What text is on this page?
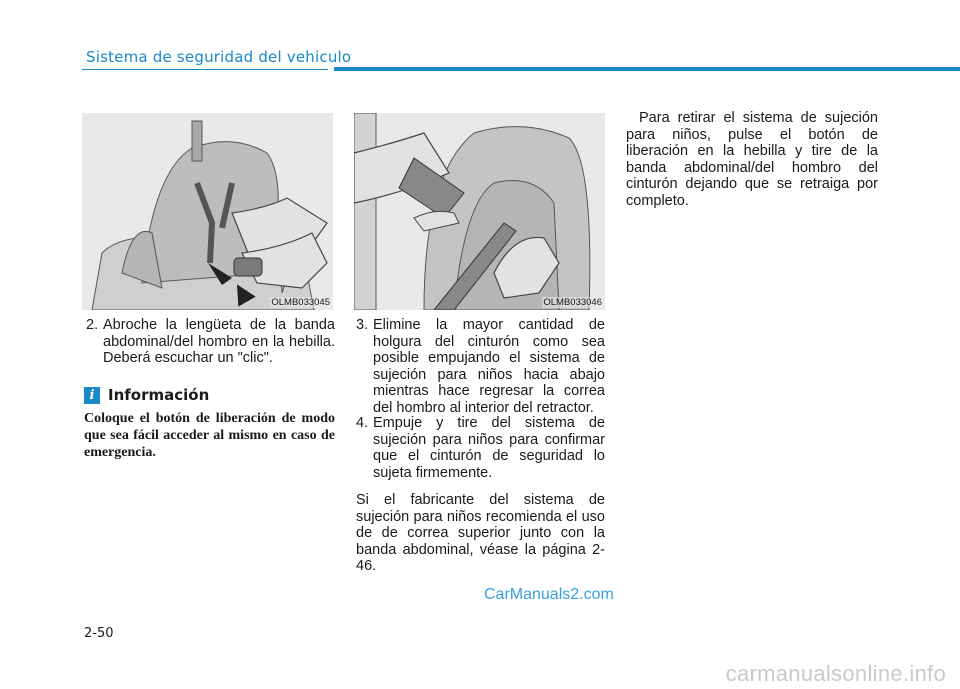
Sistema de seguridad del vehiculo
OLMB033045	OLMB033046
2. Abroche la lengüeta de la banda abdominal/del hombro en la hebilla. Deberá escuchar un "clic".
i Información
Coloque el botón de liberación de modo que sea fácil acceder al mismo en caso de emergencia.
3. Elimine la mayor cantidad de holgura del cinturón como sea posible empujando el sistema de sujeción para niños hacia abajo mientras hace regresar la correa del hombro al interior del retractor.
4. Empuje y tire del sistema de sujeción para niños para confirmar que el cinturón de seguridad lo sujeta firmemente.
Si el fabricante del sistema de sujeción para niños recomienda el uso de de correa superior junto con la banda abdominal, véase la página 2-46.
Para retirar el sistema de sujeción para niños, pulse el botón de liberación en la hebilla y tire de la banda abdominal/del hombro del cinturón dejando que se retraiga por completo.
CarManuals2.com
2-50
carmanualsonline.info
